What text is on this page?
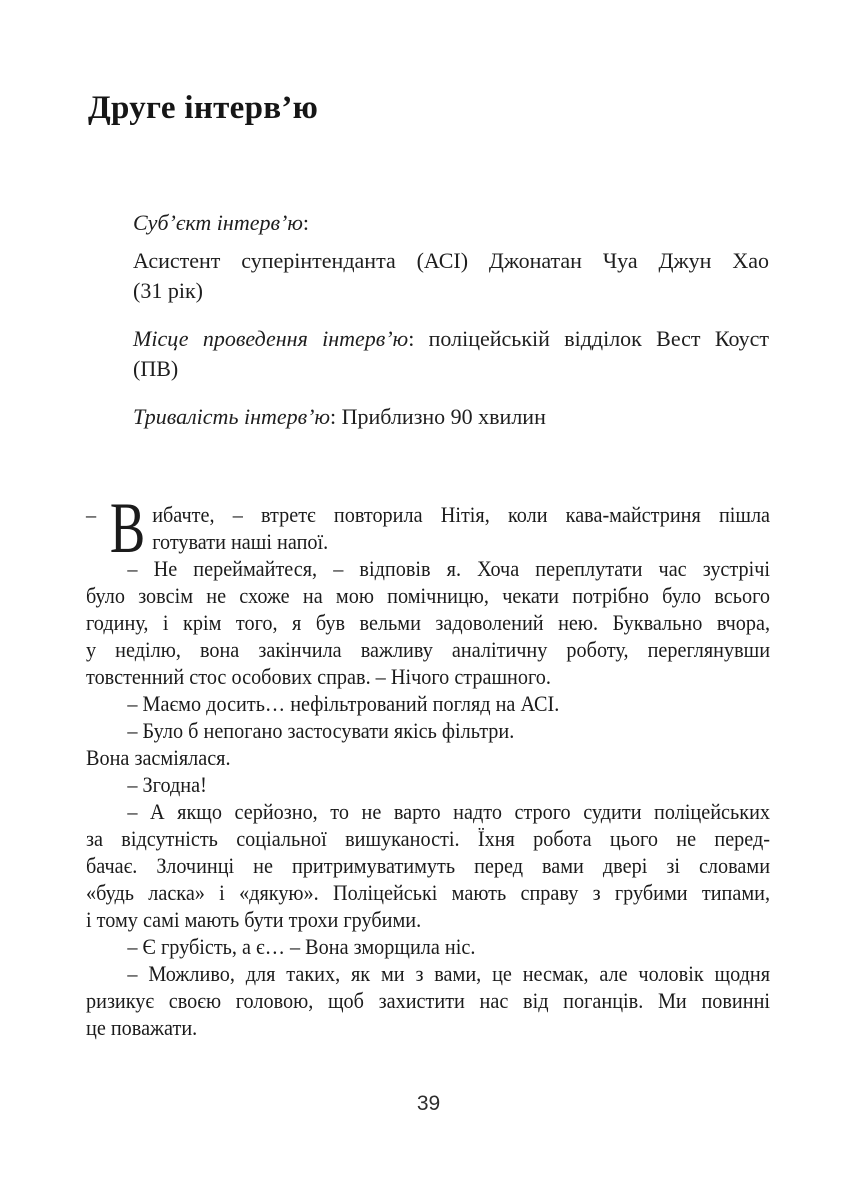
Друге інтерв’ю
Суб’єкт інтерв’ю:
Асистент суперінтенданта (АСІ) Джонатан Чуа Джун Хао
(31 рік)
Місце проведення інтерв’ю: поліцейській відділок Вест Коуст
(ПВ)
Тривалість інтерв’ю: Приблизно 90 хвилин
– В ибачте, – втретє повторила Нітія, коли кава-майстриня пішла
готувати наші напої.
– Не переймайтеся, – відповів я. Хоча переплутати час зустрічі
було зовсім не схоже на мою помічницю, чекати потрібно було всього
годину, і крім того, я був вельми задоволений нею. Буквально вчора,
у неділю, вона закінчила важливу аналітичну роботу, переглянувши
товстенний стос особових справ. – Нічого страшного.
– Маємо досить… нефільтрований погляд на АСІ.
– Було б непогано застосувати якісь фільтри.
Вона засміялася.
– Згодна!
– А якщо серйозно, то не варто надто строго судити поліцейських
за відсутність соціальної вишуканості. Їхня робота цього не перед-
бачає. Злочинці не притримуватимуть перед вами двері зі словами
«будь ласка» і «дякую». Поліцейські мають справу з грубими типами,
і тому самі мають бути трохи грубими.
– Є грубість, а є… – Вона зморщила ніс.
– Можливо, для таких, як ми з вами, це несмак, але чоловік щодня
ризикує своєю головою, щоб захистити нас від поганців. Ми повинні
це поважати.
39
